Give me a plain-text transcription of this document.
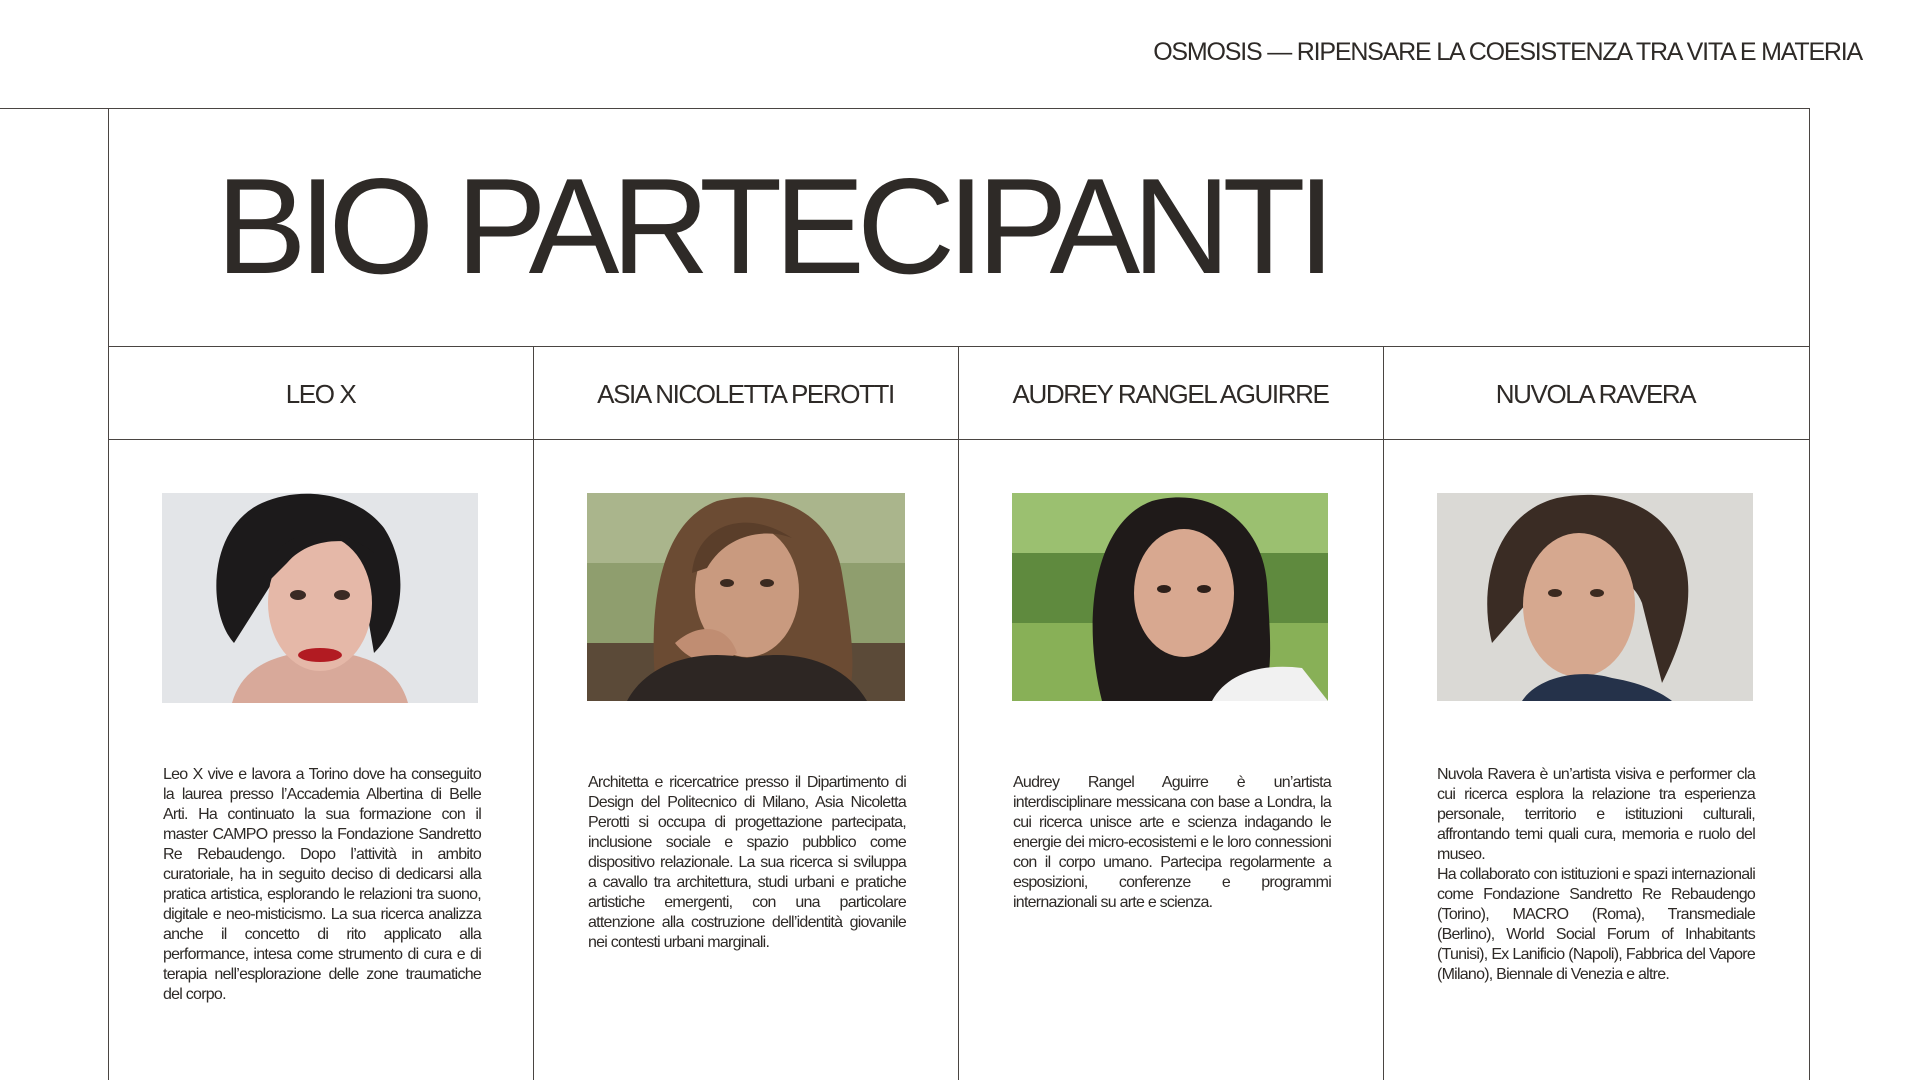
OSMOSIS — RIPENSARE LA COESISTENZA TRA VITA E MATERIA
BIO PARTECIPANTI
LEO X	ASIA NICOLETTA PEROTTI	AUDREY RANGEL AGUIRRE	NUVOLA RAVERA

Leo X vive e lavora a Torino dove ha conseguito la laurea presso l’Accademia Albertina di Belle Arti. Ha continuato la sua formazione con il master CAMPO presso la Fondazione Sandretto Re Rebaudengo. Dopo l’attività in ambito curatoriale, ha in seguito deciso di dedicarsi alla pratica artistica, esplorando le relazioni tra suono, digitale e neo-misticismo. La sua ricerca analizza anche il concetto di rito applicato alla performance, intesa come strumento di cura e di terapia nell’esplorazione delle zone traumatiche del corpo.

Architetta e ricercatrice presso il Dipartimento di Design del Politecnico di Milano, Asia Nicoletta Perotti si occupa di progettazione partecipata, inclusione sociale e spazio pubblico come dispositivo relazionale. La sua ricerca si sviluppa a cavallo tra architettura, studi urbani e pratiche artistiche emergenti, con una particolare attenzione alla costruzione dell’identità giovanile nei contesti urbani marginali.

Audrey Rangel Aguirre è un’artista interdisciplinare messicana con base a Londra, la cui ricerca unisce arte e scienza indagando le energie dei micro-ecosistemi e le loro connessioni con il corpo umano. Partecipa regolarmente a esposizioni, conferenze e programmi internazionali su arte e scienza.

Nuvola Ravera è un’artista visiva e performer cla cui ricerca esplora la relazione tra esperienza personale, territorio e istituzioni culturali, affrontando temi quali cura, memoria e ruolo del museo.

Ha collaborato con istituzioni e spazi internazionali come Fondazione Sandretto Re Rebaudengo (Torino), MACRO (Roma), Transmediale (Berlino), World Social Forum of Inhabitants (Tunisi), Ex Lanificio (Napoli), Fabbrica del Vapore (Milano), Biennale di Venezia e altre.
